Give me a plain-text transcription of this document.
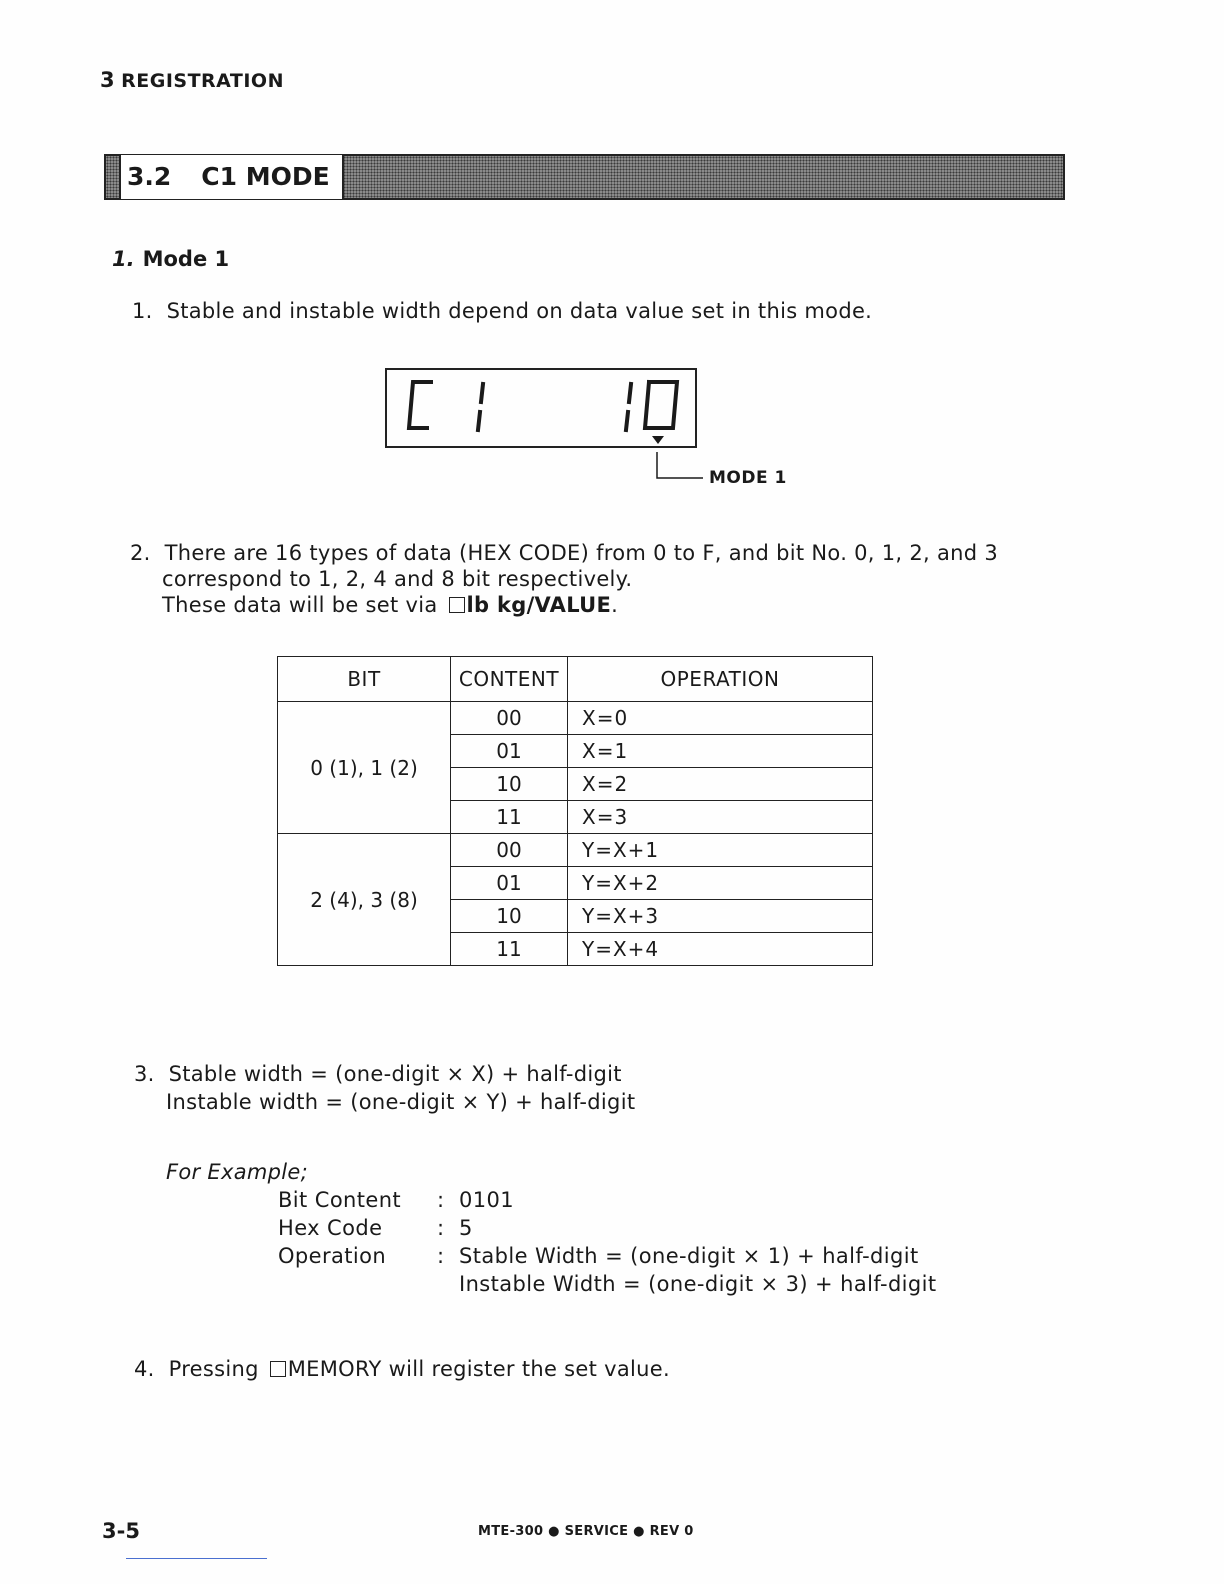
3 REGISTRATION
3.2 C1 MODE
1. Mode 1
1. Stable and instable width depend on data value set in this mode.
MODE 1
2. There are 16 types of data (HEX CODE) from 0 to F, and bit No. 0, 1, 2, and 3
correspond to 1, 2, 4 and 8 bit respectively.
These data will be set via lb kg/VALUE.
BIT	CONTENT	OPERATION
0 (1), 1 (2)	00	X=0
	01	X=1
	10	X=2
	11	X=3
2 (4), 3 (8)	00	Y=X+1
	01	Y=X+2
	10	Y=X+3
	11	Y=X+4
3. Stable width = (one-digit × X) + half-digit
Instable width = (one-digit × Y) + half-digit
For Example;
Bit Content : 0101
Hex Code	: 5
Operation : Stable Width = (one-digit × 1) + half-digit
Instable Width = (one-digit × 3) + half-digit
4. Pressing MEMORY will register the set value.
3-5	MTE-300 ● SERVICE ● REV 0
